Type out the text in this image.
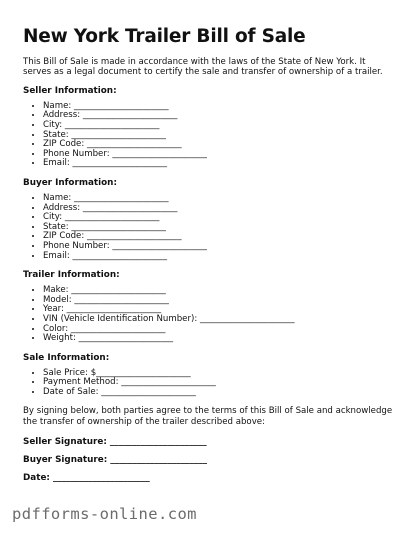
New York Trailer Bill of Sale

This Bill of Sale is made in accordance with the laws of the State of New York. It serves as a legal document to certify the sale and transfer of ownership of a trailer.

Seller Information:
• Name: ______________________
• Address: ______________________
• City: ______________________
• State: ______________________
• ZIP Code: ______________________
• Phone Number: ______________________
• Email: ______________________
Buyer Information:
• Name: ______________________
• Address: ______________________
• City: ______________________
• State: ______________________
• ZIP Code: ______________________
• Phone Number: ______________________
• Email: ______________________
Trailer Information:
• Make: ______________________
• Model: ______________________
• Year: ______________________
• VIN (Vehicle Identification Number): ______________________
• Color: ______________________
• Weight: ______________________
Sale Information:
• Sale Price: $______________________
• Payment Method: ______________________
• Date of Sale: ______________________

By signing below, both parties agree to the terms of this Bill of Sale and acknowledge the transfer of ownership of the trailer described above:

Seller Signature: ______________________
Buyer Signature: ______________________
Date: ______________________
pdfforms-online.com
